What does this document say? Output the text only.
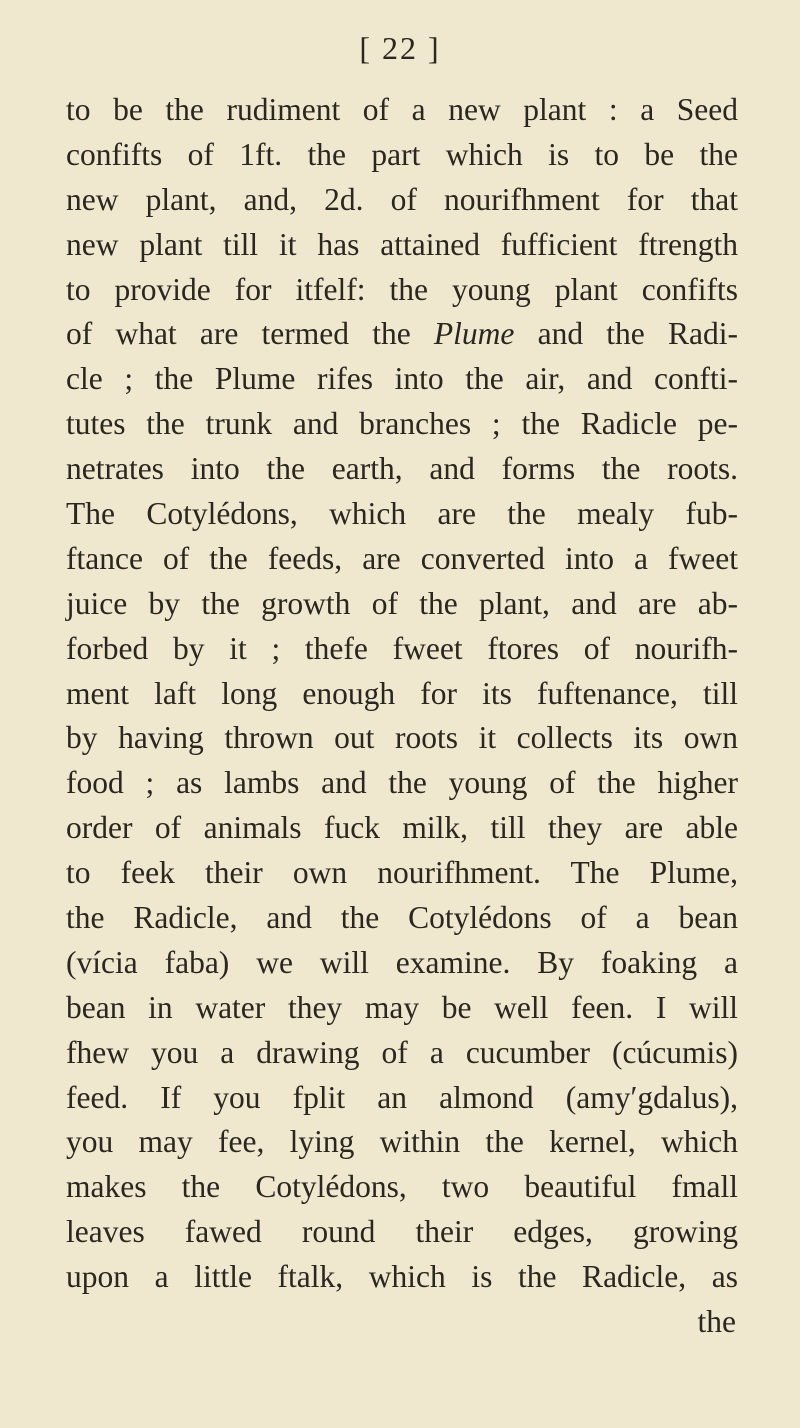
[ 22 ]
to be the rudiment of a new plant : a Seed
confifts of 1ft. the part which is to be the
new plant, and, 2d. of nourifhment for that
new plant till it has attained fufficient ftrength
to provide for itfelf: the young plant confifts
of what are termed the Plume and the Radi-
cle ; the Plume rifes into the air, and confti-
tutes the trunk and branches ; the Radicle pe-
netrates into the earth, and forms the roots.
The Cotylédons, which are the mealy fub-
ftance of the feeds, are converted into a fweet
juice by the growth of the plant, and are ab-
forbed by it ; thefe fweet ftores of nourifh-
ment laft long enough for its fuftenance, till
by having thrown out roots it collects its own
food ; as lambs and the young of the higher
order of animals fuck milk, till they are able
to feek their own nourifhment. The Plume,
the Radicle, and the Cotylédons of a bean
(vícia faba) we will examine. By foaking a
bean in water they may be well feen. I will
fhew you a drawing of a cucumber (cúcumis)
feed. If you fplit an almond (amyʹgdalus),
you may fee, lying within the kernel, which
makes the Cotylédons, two beautiful fmall
leaves fawed round their edges, growing
upon a little ftalk, which is the Radicle, as
the
